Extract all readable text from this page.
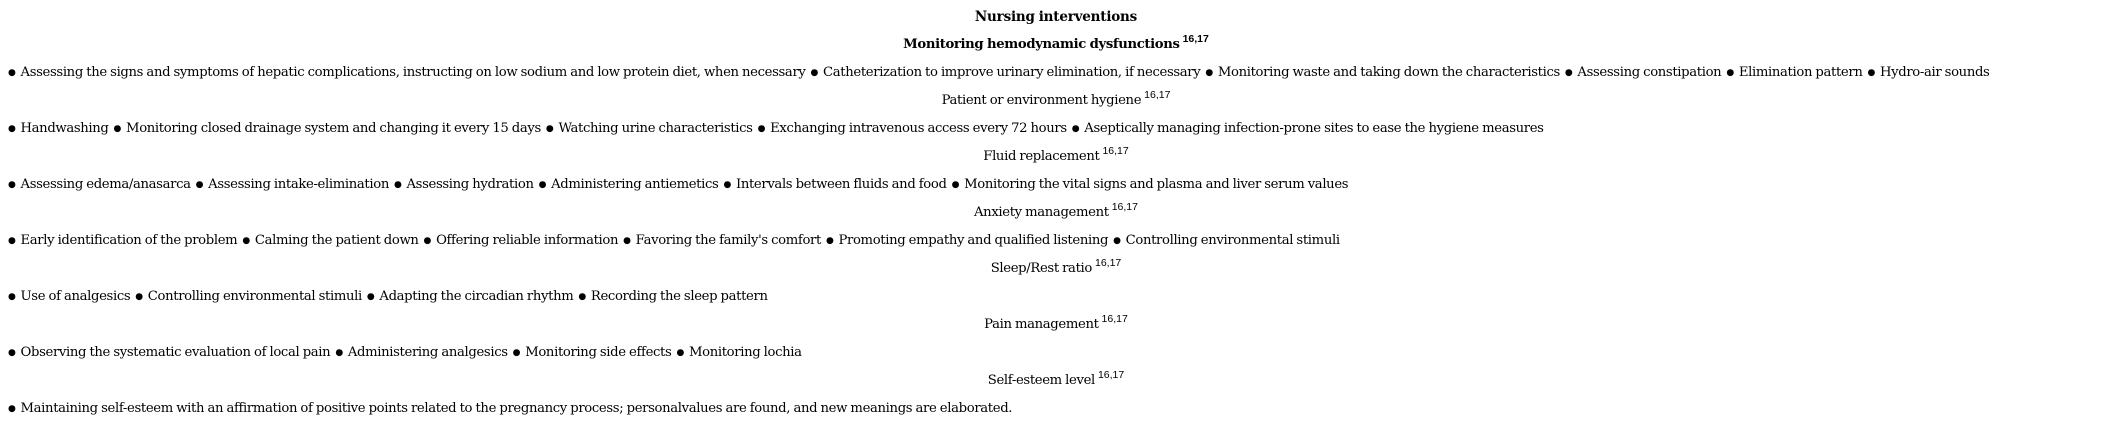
Nursing interventions
Monitoring hemodynamic dysfunctions $^{16,17}$
● Assessing the signs and symptoms of hepatic complications, instructing on low sodium and low protein diet, when necessary ● Catheterization to improve urinary elimination, if necessary ● Monitoring waste and taking down the characteristics ● Assessing constipation ● Elimination pattern ● Hydro-air sounds
Patient or environment hygiene $^{16,17}$
● Handwashing ● Monitoring closed drainage system and changing it every 15 days ● Watching urine characteristics ● Exchanging intravenous access every 72 hours ● Aseptically managing infection-prone sites to ease the hygiene measures
Fluid replacement $^{16,17}$
● Assessing edema/anasarca ● Assessing intake-elimination ● Assessing hydration ● Administering antiemetics ● Intervals between fluids and food ● Monitoring the vital signs and plasma and liver serum values
Anxiety management $^{16,17}$
● Early identification of the problem ● Calming the patient down ● Offering reliable information ● Favoring the family's comfort ● Promoting empathy and qualified listening ● Controlling environmental stimuli
Sleep/Rest ratio $^{16,17}$
● Use of analgesics ● Controlling environmental stimuli ● Adapting the circadian rhythm ● Recording the sleep pattern
Pain management $^{16,17}$
● Observing the systematic evaluation of local pain ● Administering analgesics ● Monitoring side effects ● Monitoring lochia
Self-esteem level $^{16,17}$
● Maintaining self-esteem with an affirmation of positive points related to the pregnancy process; personalvalues are found, and new meanings are elaborated.
